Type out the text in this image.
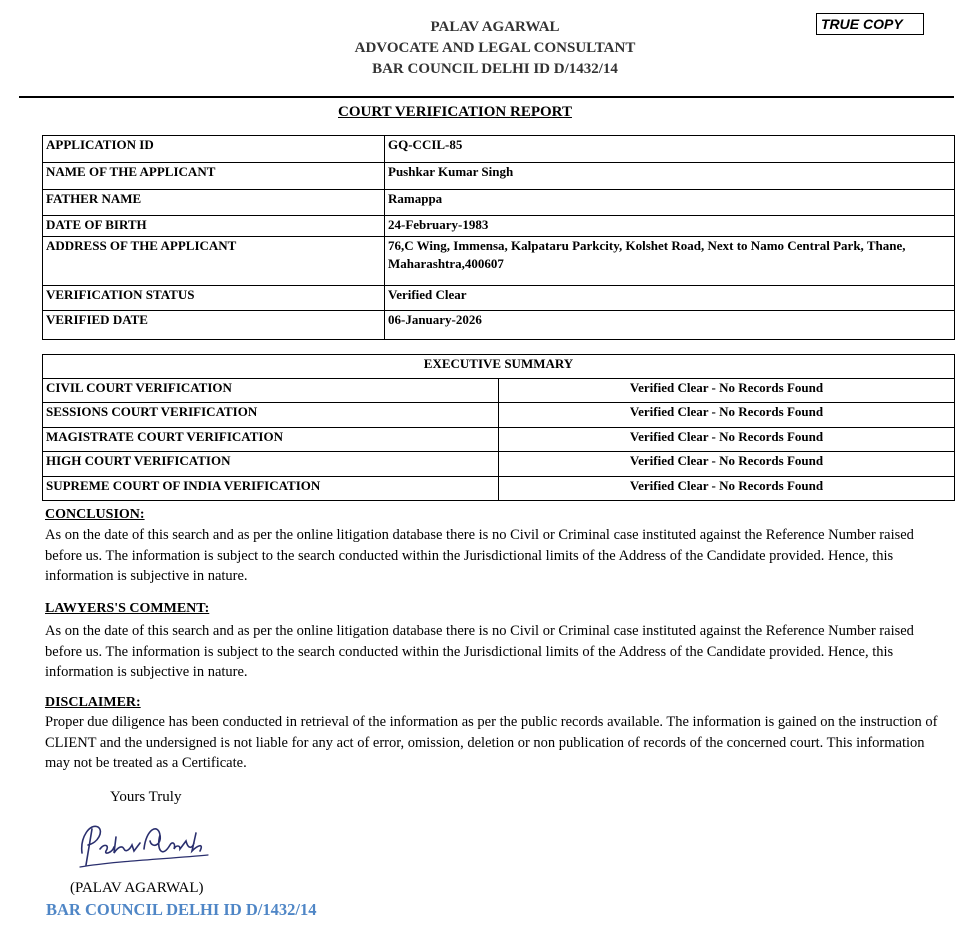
PALAV AGARWAL
ADVOCATE AND LEGAL CONSULTANT
BAR COUNCIL DELHI ID D/1432/14
TRUE COPY
COURT VERIFICATION REPORT
APPLICATION ID	GQ-CCIL-85
NAME OF THE APPLICANT	Pushkar Kumar Singh
FATHER NAME	Ramappa
DATE OF BIRTH	24-February-1983
ADDRESS OF THE APPLICANT	76,C Wing, Immensa, Kalpataru Parkcity, Kolshet Road, Next to Namo Central Park, Thane, Maharashtra,400607
VERIFICATION STATUS	Verified Clear
VERIFIED DATE	06-January-2026
EXECUTIVE SUMMARY	
CIVIL COURT VERIFICATION	Verified Clear - No Records Found
SESSIONS COURT VERIFICATION	Verified Clear - No Records Found
MAGISTRATE COURT VERIFICATION	Verified Clear - No Records Found
HIGH COURT VERIFICATION	Verified Clear - No Records Found
SUPREME COURT OF INDIA VERIFICATION	Verified Clear - No Records Found
CONCLUSION:
As on the date of this search and as per the online litigation database there is no Civil or Criminal case instituted against the Reference Number raised before us. The information is subject to the search conducted within the Jurisdictional limits of the Address of the Candidate provided. Hence, this information is subjective in nature.
LAWYERS'S COMMENT:
As on the date of this search and as per the online litigation database there is no Civil or Criminal case instituted against the Reference Number raised before us. The information is subject to the search conducted within the Jurisdictional limits of the Address of the Candidate provided. Hence, this information is subjective in nature.
DISCLAIMER:
Proper due diligence has been conducted in retrieval of the information as per the public records available. The information is gained on the instruction of CLIENT and the undersigned is not liable for any act of error, omission, deletion or non publication of records of the concerned court. This information may not be treated as a Certificate.
Yours Truly
(PALAV AGARWAL)
BAR COUNCIL DELHI ID D/1432/14
